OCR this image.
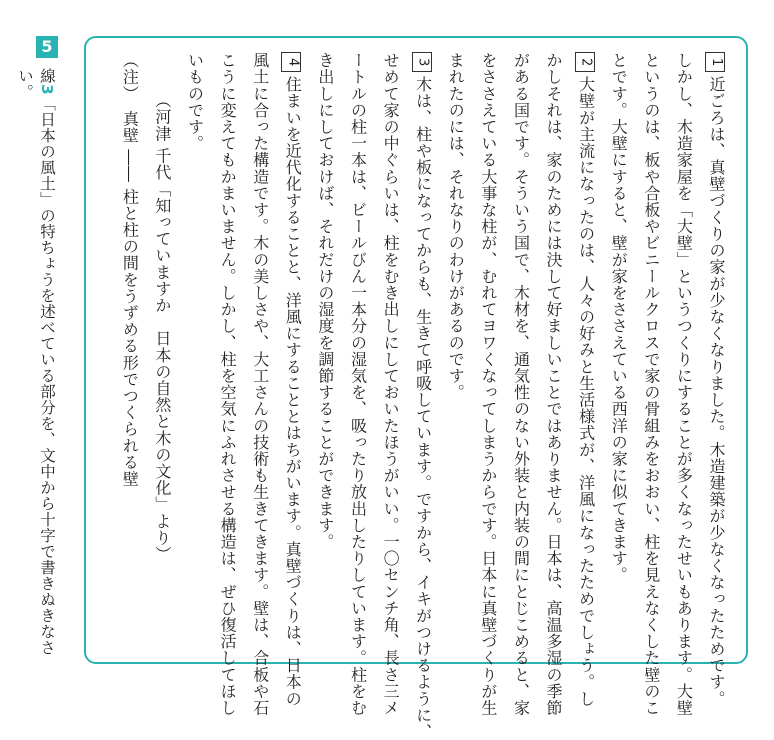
5
線3「日本の風土」の特ちょうを述べている部分を、文中から十字で書きぬきなさい。
1近ごろは、真壁づくりの家が少なくなりました。木造建築が少なくなったためです。
しかし、木造家屋を「大壁」というつくりにすることが多くなったせいもあります。大壁
というのは、板や合板やビニールクロスで家の骨組みをおおい、柱を見えなくした壁のこ
とです。大壁にすると、壁が家をささえている西洋の家に似てきます。
2大壁が主流になったのは、人々の好みと生活様式が、洋風になったためでしょう。し
かしそれは、家のためには決して好ましいことではありません。日本は、高温多湿の季節
がある国です。そういう国で、木材を、通気性のない外装と内装の間にとじこめると、家
をささえている大事な柱が、むれてヨワくなってしまうからです。日本に真壁づくりが生
まれたのには、それなりのわけがあるのです。
3木は、柱や板になってからも、生きて呼吸しています。ですから、イキがつけるように、
せめて家の中ぐらいは、柱をむき出しにしておいたほうがいい。一〇センチ角、長さ三メ
ートルの柱一本は、ビールびん一本分の湿気を、吸ったり放出したりしています。柱をむ
き出しにしておけば、それだけの湿度を調節することができます。
4住まいを近代化することと、洋風にすることとはちがいます。真壁づくりは、日本の
風土に合った構造です。木の美しさや、大工さんの技術も生きてきます。壁は、合板や石
こうに変えてもかまいません。しかし、柱を空気にふれさせる構造は、ぜひ復活してほし
いものです。
（河津 千代「知っていますか　日本の自然と木の文化」より）
（注）　真壁 ―― 柱と柱の間をうずめる形でつくられる壁
